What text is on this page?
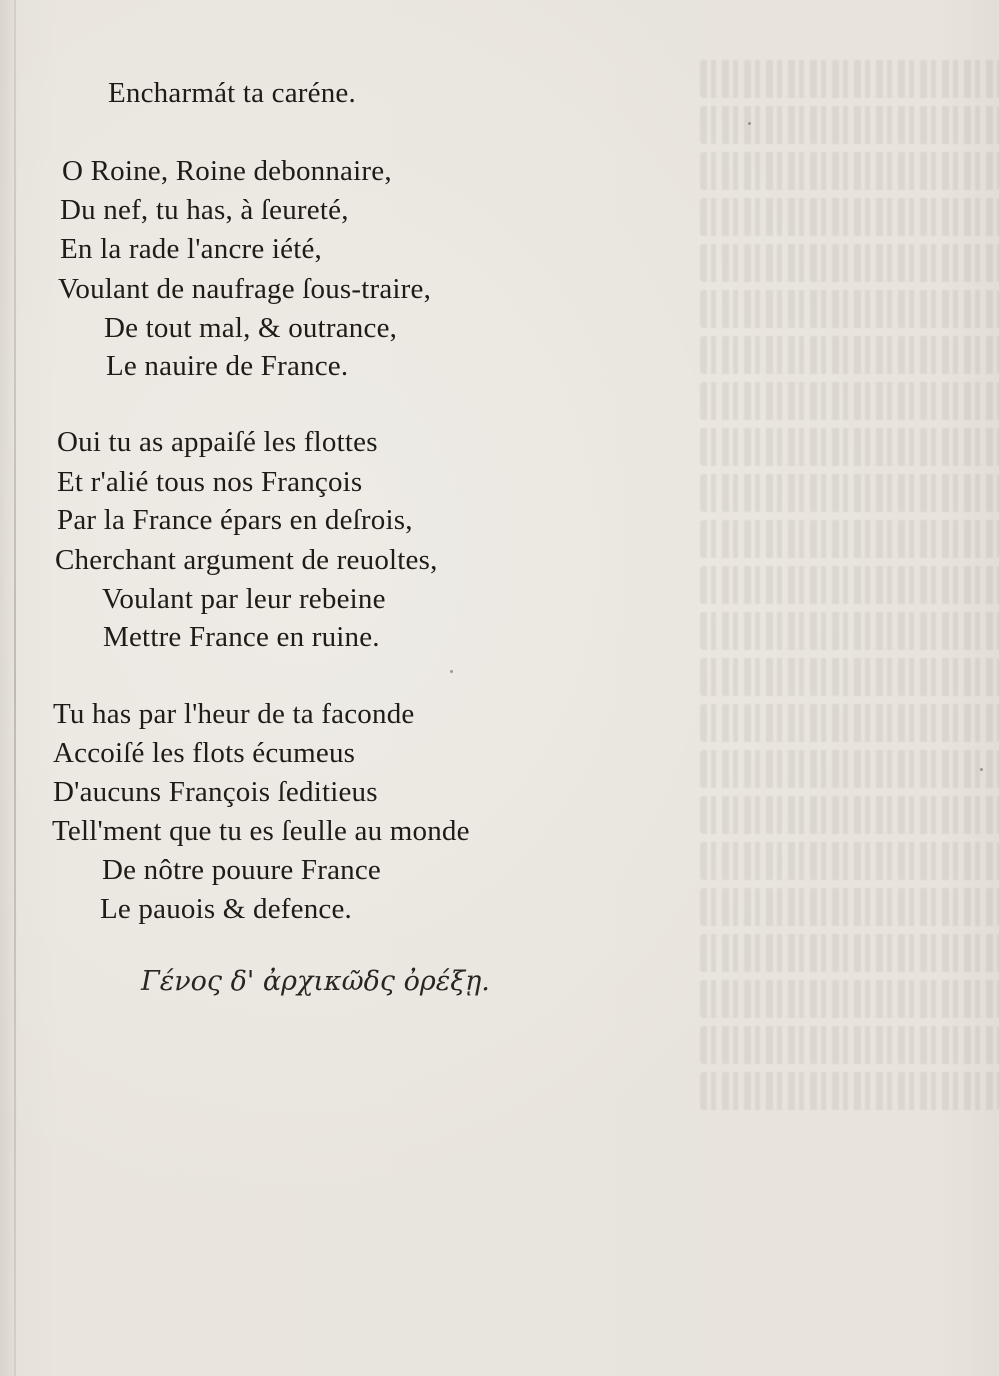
Encharmát ta caréne.
O Roine, Roine debonnaire,
Du nef, tu has, à ſeureté,
En la rade l'ancre iété,
Voulant de naufrage ſous-traire,
De tout mal, & outrance,
Le nauire de France.
Oui tu as appaiſé les flottes
Et r'alié tous nos François
Par la France épars en deſrois,
Cherchant argument de reuoltes,
Voulant par leur rebeine
Mettre France en ruine.
Tu has par l'heur de ta faconde
Accoiſé les flots écumeus
D'aucuns François ſeditieus
Tell'ment que tu es ſeulle au monde
De nôtre pouure France
Le pauois & defence.
Γένος δ' ἀρχικῶδς ὀρέξῃ.
